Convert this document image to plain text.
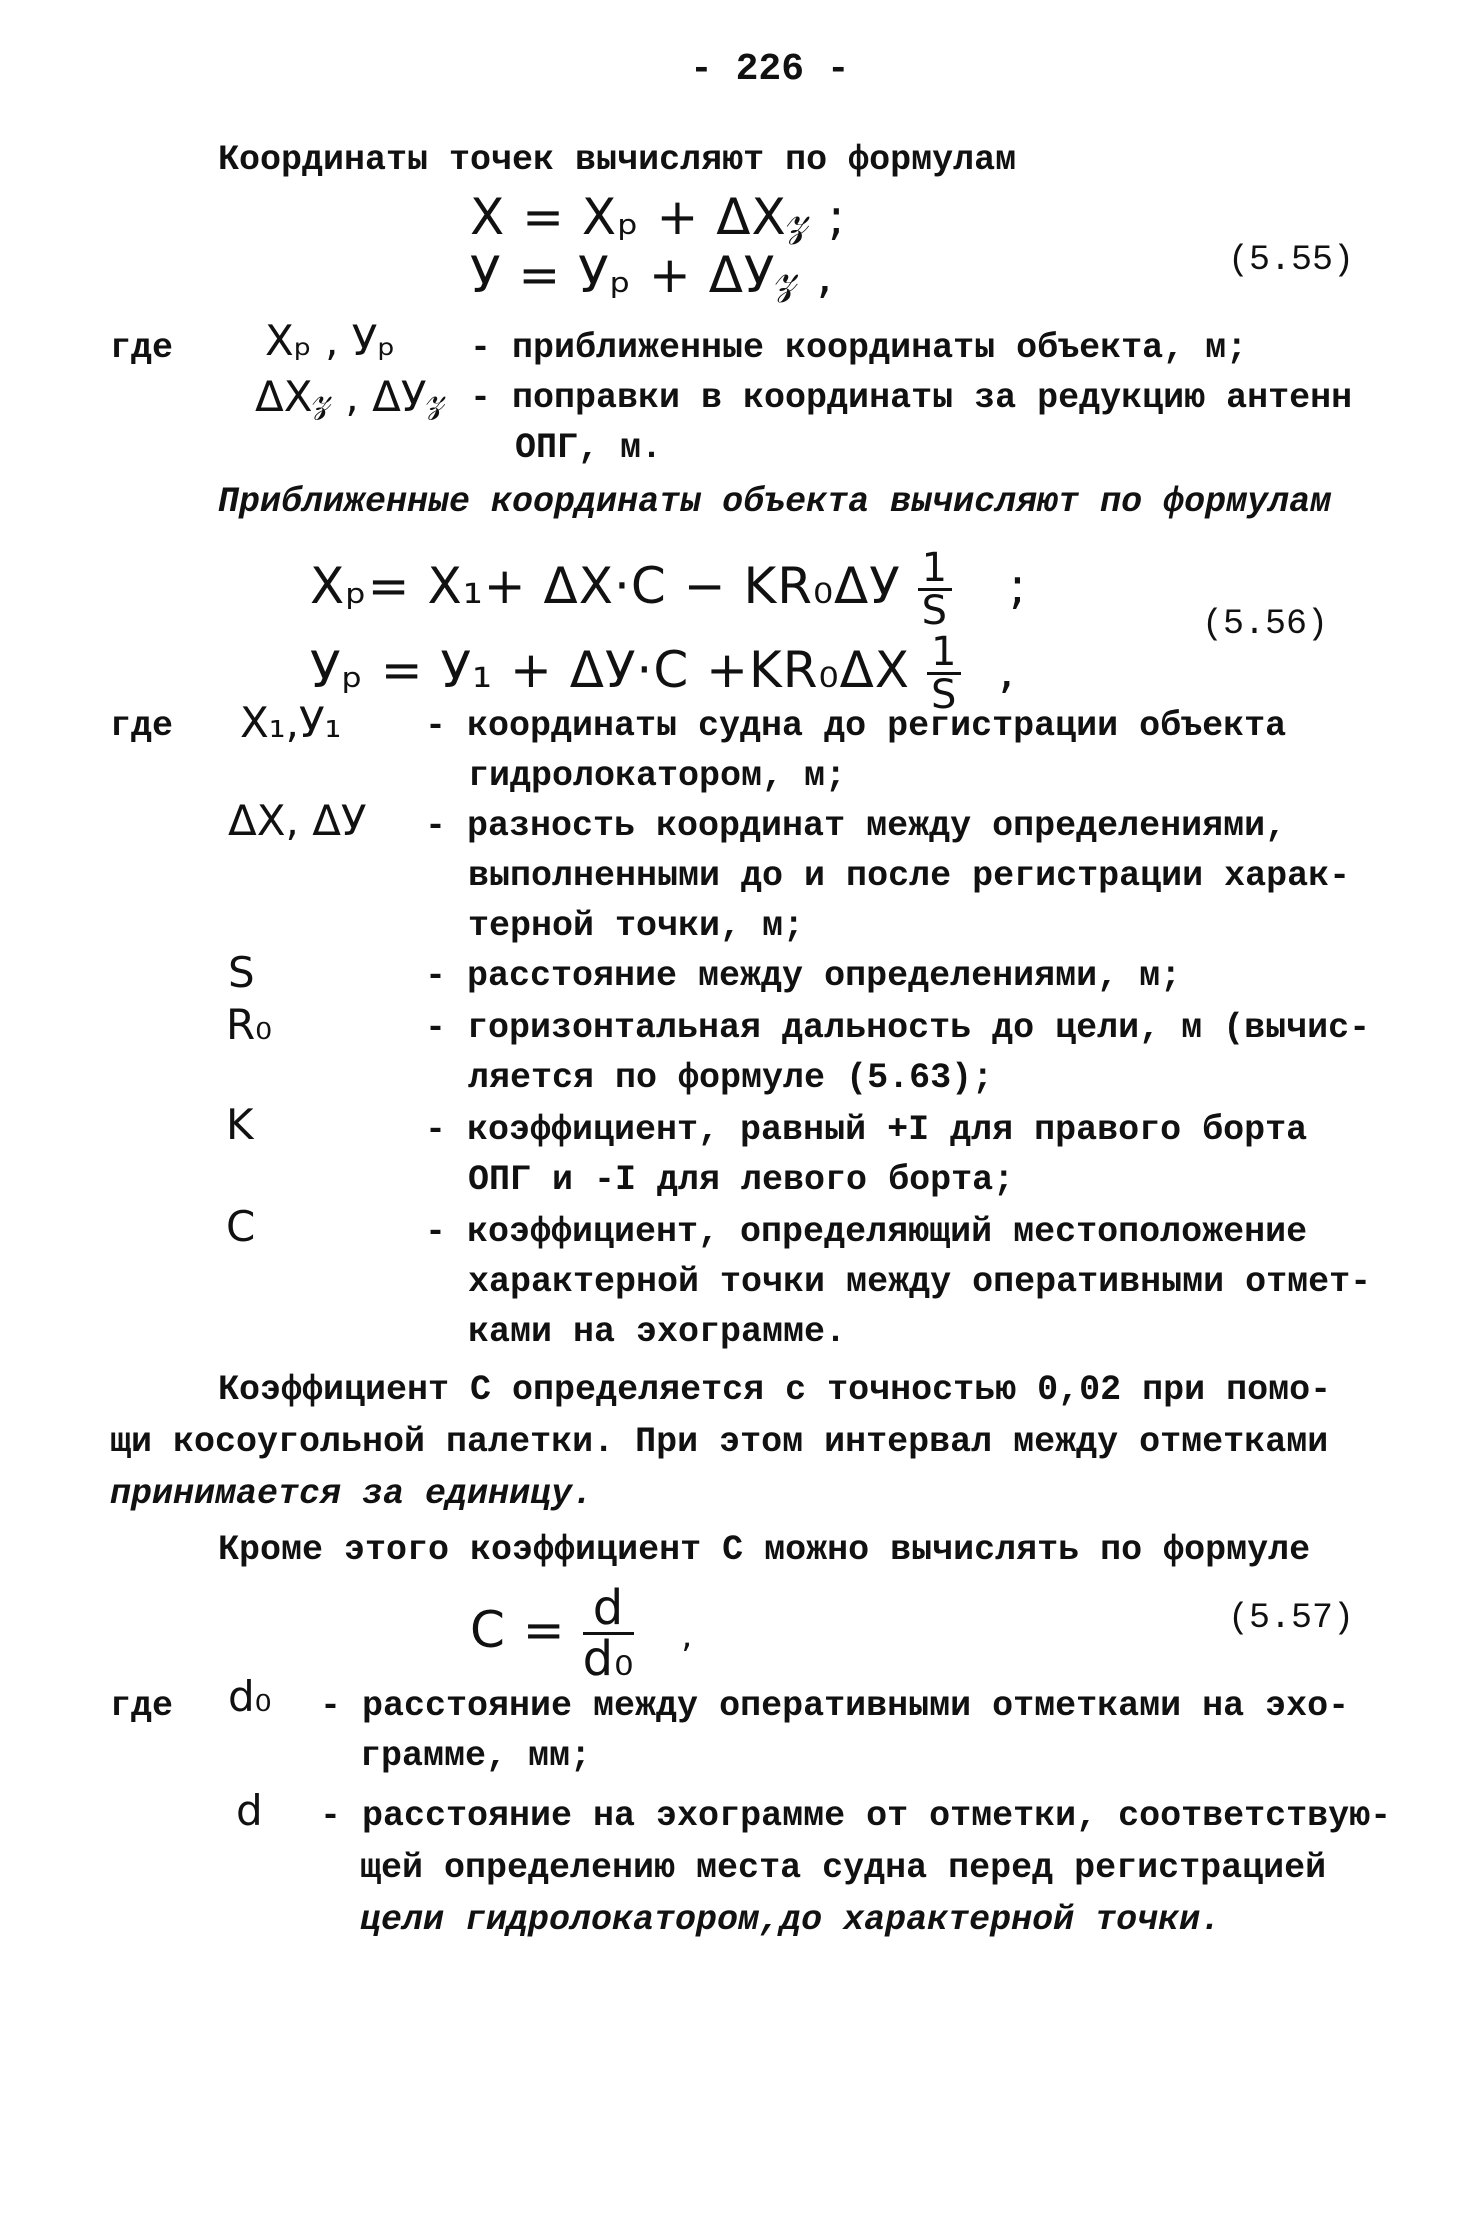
- 226 -
Координаты точек вычисляют по формулам
X = Xₚ + ΔX𝓏 ;
У = Уₚ + ΔУ𝓏 ,	(5.55)
где Xₚ , Уₚ - приближенные координаты объекта, м;
ΔX𝓏 , ΔУ𝓏 - поправки в координаты за редукцию антенн
ОПГ, м.
Приближенные координаты объекта вычисляют по формулам
$X_p= X_1+ \Delta X\cdot C - KR_0\Delta У \frac{1}{S}$ ;
(5.56)
$У_p = У_1 + \Delta У\cdot C +KR_0\Delta X \frac{1}{S}$ ,
где X₁,У₁ - координаты судна до регистрации объекта
гидролокатором, м;
ΔX, ΔУ - разность координат между определениями,
выполненными до и после регистрации харак-
терной точки, м;
S	- расстояние между определениями, м;
R₀	- горизонтальная дальность до цели, м (вычис-
ляется по формуле (5.63);
K	- коэффициент, равный +I для правого борта
ОПГ и -I для левого борта;
C	- коэффициент, определяющий местоположение
характерной точки между оперативными отмет-
ками на эхограмме.
Коэффициент C определяется с точностью 0,02 при помо-
щи косоугольной палетки. При этом интервал между отметками
принимается за единицу.
Кроме этого коэффициент C можно вычислять по формуле
$C = \frac{d}{\text{d₀}}$ ,	(5.57)
где d₀ - расстояние между оперативными отметками на эхо-
грамме, мм;
d - расстояние на эхограмме от отметки, соответствую-
щей определению места судна перед регистрацией
цели гидролокатором,до характерной точки.
